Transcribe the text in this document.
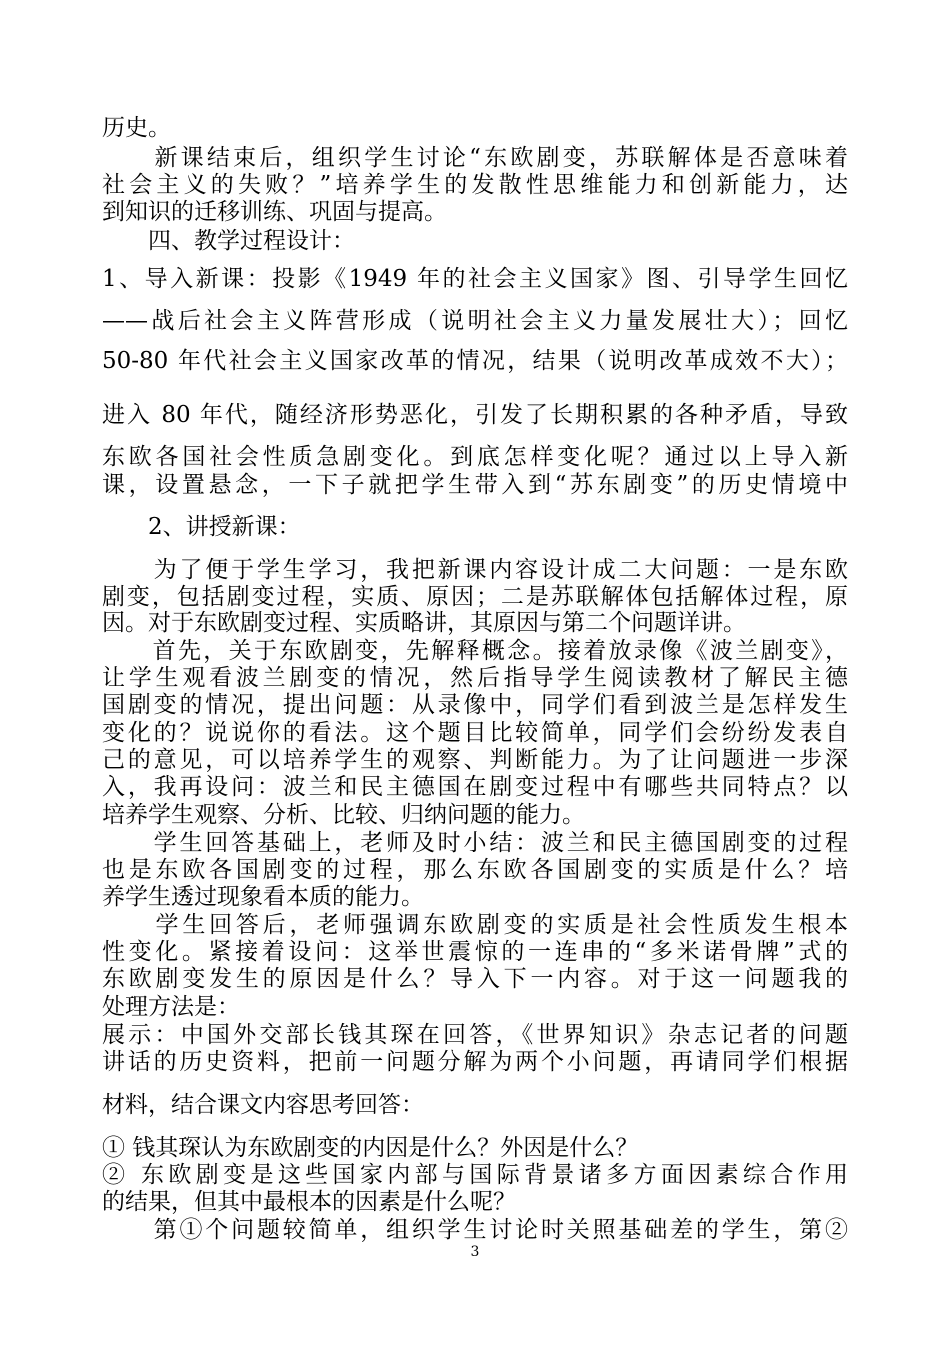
历史。
　　新课结束后，组织学生讨论“东欧剧变，苏联解体是否意味着
社会主义的失败？”培养学生的发散性思维能力和创新能力，达
到知识的迁移训练、巩固与提高。
　　四、教学过程设计：
1、导入新课：投影《1949 年的社会主义国家》图、引导学生回忆
——战后社会主义阵营形成（说明社会主义力量发展壮大）；回忆
50-80 年代社会主义国家改革的情况，结果（说明改革成效不大）；
进入 80 年代，随经济形势恶化，引发了长期积累的各种矛盾，导致
东欧各国社会性质急剧变化。到底怎样变化呢？通过以上导入新
课，设置悬念，一下子就把学生带入到“苏东剧变”的历史情境中
　　2、讲授新课：
　　为了便于学生学习，我把新课内容设计成二大问题：一是东欧
剧变，包括剧变过程，实质、原因；二是苏联解体包括解体过程，原
因。对于东欧剧变过程、实质略讲，其原因与第二个问题详讲。
　　首先，关于东欧剧变，先解释概念。接着放录像《波兰剧变》，
让学生观看波兰剧变的情况，然后指导学生阅读教材了解民主德
国剧变的情况，提出问题：从录像中，同学们看到波兰是怎样发生
变化的？说说你的看法。这个题目比较简单，同学们会纷纷发表自
己的意见，可以培养学生的观察、判断能力。为了让问题进一步深
入，我再设问：波兰和民主德国在剧变过程中有哪些共同特点？以
培养学生观察、分析、比较、归纳问题的能力。
　　学生回答基础上，老师及时小结：波兰和民主德国剧变的过程
也是东欧各国剧变的过程，那么东欧各国剧变的实质是什么？培
养学生透过现象看本质的能力。
　　学生回答后，老师强调东欧剧变的实质是社会性质发生根本
性变化。紧接着设问：这举世震惊的一连串的“多米诺骨牌”式的
东欧剧变发生的原因是什么？导入下一内容。对于这一问题我的
处理方法是：
展示：中国外交部长钱其琛在回答，《世界知识》杂志记者的问题
讲话的历史资料，把前一问题分解为两个小问题，再请同学们根据
材料，结合课文内容思考回答：
① 钱其琛认为东欧剧变的内因是什么？外因是什么？
② 东欧剧变是这些国家内部与国际背景诸多方面因素综合作用
的结果，但其中最根本的因素是什么呢？
　　第①个问题较简单，组织学生讨论时关照基础差的学生，第②
3
